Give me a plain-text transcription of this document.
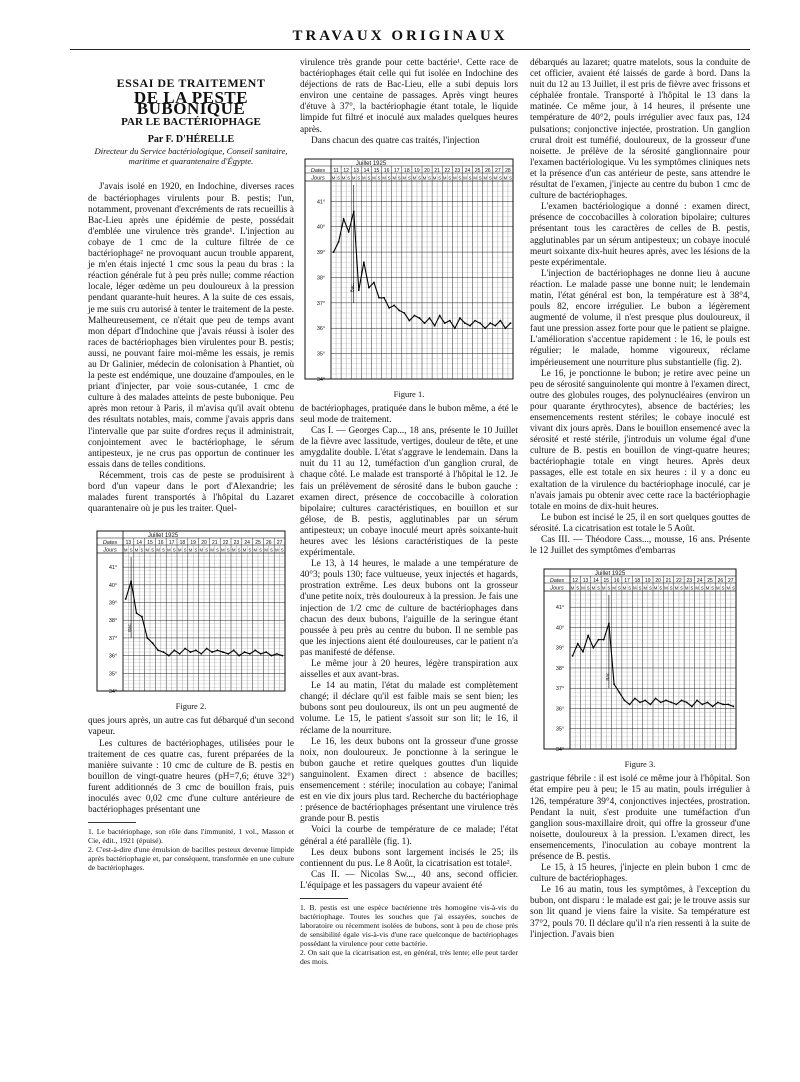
TRAVAUX ORIGINAUX
ESSAI DE TRAITEMENT
DE LA PESTE BUBONIQUE
PAR LE BACTÉRIOPHAGE
Par F. D'HÉRELLE
Directeur du Service bactériologique, Conseil sanitaire, maritime et quarantenaire d'Égypte.

J'avais isolé en 1920, en Indochine, diverses races de bactériophages virulents pour B. pestis; l'un, notamment, provenant d'excréments de rats recueillis à Bac-Lieu après une épidémie de peste, possédait d'emblée une virulence très grande¹. L'injection au cobaye de 1 cmc de la culture filtrée de ce bactériophage² ne provoquant aucun trouble apparent, je m'en étais injecté 1 cmc sous la peau du bras : la réaction générale fut à peu près nulle; comme réaction locale, léger œdème un peu douloureux à la pression pendant quarante-huit heures. A la suite de ces essais, je me suis cru autorisé à tenter le traitement de la peste. Malheureusement, ce n'était que peu de temps avant mon départ d'Indochine que j'avais réussi à isoler des races de bactériophages bien virulentes pour B. pestis; aussi, ne pouvant faire moi-même les essais, je remis au Dr Galinier, médecin de colonisation à Phantiet, où la peste est endémique, une douzaine d'ampoules, en le priant d'injecter, par voie sous-cutanée, 1 cmc de culture à des malades atteints de peste bubonique. Peu après mon retour à Paris, il m'avisa qu'il avait obtenu des résultats notables, mais, comme j'avais appris dans l'intervalle que par suite d'ordres reçus il administrait, conjointement avec le bactériophage, le sérum antipesteux, je ne crus pas opportun de continuer les essais dans de telles conditions.

Récemment, trois cas de peste se produisirent à bord d'un vapeur dans le port d'Alexandrie; les malades furent transportés à l'hôpital du Lazaret quarantenaire où je pus les traiter. Quel-

Dates
Jours
Juillet 1925
13
M S
14
M S
15
M S
16
M S
17
M S
18
M S
19
M S
20
M S
21
M S
22
M S
23
M S
24
M S
25
M S
26
M S
27
M S
41°
40°
39°
38°
37°
36°
35°
34°
Bac.
Figure 2.

ques jours après, un autre cas fut débarqué d'un second vapeur.

Les cultures de bactériophages, utilisées pour le traitement de ces quatre cas, furent préparées de la manière suivante : 10 cmc de culture de B. pestis en bouillon de vingt-quatre heures (pH=7,6; étuve 32°) furent additionnés de 3 cmc de bouillon frais, puis inoculés avec 0,02 cmc d'une culture antérieure de bactériophages présentant une

1. Le bactériophage, son rôle dans l'immunité, 1 vol., Masson et Cie, édit., 1921 (épuisé).
2. C'est-à-dire d'une émulsion de bacilles pesteux devenue limpide après bactériophagie et, par conséquent, transformée en une culture de bactériophages.

virulence très grande pour cette bactérie¹. Cette race de bactériophages était celle qui fut isolée en Indochine des déjections de rats de Bac-Lieu, elle a subi depuis lors environ une centaine de passages. Après vingt heures d'étuve à 37°, la bactériophagie étant totale, le liquide limpide fut filtré et inoculé aux malades quelques heures après.

Dans chacun des quatre cas traités, l'injection

Dates
Jours
Juillet 1925
11
M S
12
M S
13
M S
14
M S
15
M S
16
M S
17
M S
18
M S
19
M S
20
M S
21
M S
22
M S
23
M S
24
M S
25
M S
26
M S
27
M S
28
M S
41°
40°
39°
38°
37°
36°
35°
34°
Bac.
Figure 1.

de bactériophages, pratiquée dans le bubon même, a été le seul mode de traitement.

Cas I. — Georges Cap..., 18 ans, présente le 10 Juillet de la fièvre avec lassitude, vertiges, douleur de tête, et une amygdalite double. L'état s'aggrave le lendemain. Dans la nuit du 11 au 12, tuméfaction d'un ganglion crural, de chaque côté. Le malade est transporté à l'hôpital le 12. Je fais un prélèvement de sérosité dans le bubon gauche : examen direct, présence de coccobacille à coloration bipolaire; cultures caractéristiques, en bouillon et sur gélose, de B. pestis, agglutinables par un sérum antipesteux; un cobaye inoculé meurt après soixante-huit heures avec les lésions caractéristiques de la peste expérimentale.

Le 13, à 14 heures, le malade a une température de 40°3; pouls 130; face vultueuse, yeux injectés et hagards, prostration extrême. Les deux bubons ont la grosseur d'une petite noix, très douloureux à la pression. Je fais une injection de 1/2 cmc de culture de bactériophages dans chacun des deux bubons, l'aiguille de la seringue étant poussée à peu près au centre du bubon. Il ne semble pas que les injections aient été douloureuses, car le patient n'a pas manifesté de défense.

Le même jour à 20 heures, légère transpiration aux aisselles et aux avant-bras.

Le 14 au matin, l'état du malade est complètement changé; il déclare qu'il est faible mais se sent bien; les bubons sont peu douloureux, ils ont un peu augmenté de volume. Le 15, le patient s'assoit sur son lit; le 16, il réclame de la nourriture.

Le 16, les deux bubons ont la grosseur d'une grosse noix, non douloureux. Je ponctionne à la seringue le bubon gauche et retire quelques gouttes d'un liquide sanguinolent. Examen direct : absence de bacilles; ensemencement : stérile; inoculation au cobaye; l'animal est en vie dix jours plus tard. Recherche du bactériophage : présence de bactériophages présentant une virulence très grande pour B. pestis

Voici la courbe de température de ce malade; l'état général a été parallèle (fig. 1).

Les deux bubons sont largement incisés le 25; ils contiennent du pus. Le 8 Août, la cicatrisation est totale².

Cas II. — Nicolas Sw..., 40 ans, second officier. L'équipage et les passagers du vapeur avaient été

1. B. pestis est une espèce bactérienne très homogène vis-à-vis du bactériophage. Toutes les souches que j'ai essayées, souches de laboratoire ou récemment isolées de bubons, sont à peu de chose près de sensibilité égale vis-à-vis d'une race quelconque de bactériophages possédant la virulence pour cette bactérie.
2. On sait que la cicatrisation est, en général, très lente; elle peut tarder des mois.

débarqués au lazaret; quatre matelots, sous la conduite de cet officier, avaient été laissés de garde à bord. Dans la nuit du 12 au 13 Juillet, il est pris de fièvre avec frissons et céphalée frontale. Transporté à l'hôpital le 13 dans la matinée. Ce même jour, à 14 heures, il présente une température de 40°2, pouls irrégulier avec faux pas, 124 pulsations; conjonctive injectée, prostration. Un ganglion crural droit est tuméfié, douloureux, de la grosseur d'une noisette. Je prélève de la sérosité ganglionnaire pour l'examen bactériologique. Vu les symptômes cliniques nets et la présence d'un cas antérieur de peste, sans attendre le résultat de l'examen, j'injecte au centre du bubon 1 cmc de culture de bactériophages.

L'examen bactériologique a donné : examen direct, présence de coccobacilles à coloration bipolaire; cultures présentant tous les caractères de celles de B. pestis, agglutinables par un sérum antipesteux; un cobaye inoculé meurt soixante dix-huit heures après, avec les lésions de la peste expérimentale.

L'injection de bactériophages ne donne lieu à aucune réaction. Le malade passe une bonne nuit; le lendemain matin, l'état général est bon, la température est à 38°4, pouls 82, encore irrégulier. Le bubon a légèrement augmenté de volume, il n'est presque plus douloureux, il faut une pression assez forte pour que le patient se plaigne. L'amélioration s'accentue rapidement : le 16, le pouls est régulier; le malade, homme vigoureux, réclame impérieusement une nourriture plus substantielle (fig. 2).

Le 16, je ponctionne le bubon; je retire avec peine un peu de sérosité sanguinolente qui montre à l'examen direct, outre des globules rouges, des polynucléaires (environ un pour quarante érythrocytes), absence de bactéries; les ensemencements restent stériles; le cobaye inoculé est vivant dix jours après. Dans le bouillon ensemencé avec la sérosité et resté stérile, j'introduis un volume égal d'une culture de B. pestis en bouillon de vingt-quatre heures; bactériophagie totale en vingt heures. Après deux passages, elle est totale en six heures : il y a donc eu exaltation de la virulence du bactériophage inoculé, car je n'avais jamais pu obtenir avec cette race la bactériophagie totale en moins de dix-huit heures.

Le bubon est incisé le 25, il en sort quelques gouttes de sérosité. La cicatrisation est totale le 5 Août.

Cas III. — Théodore Cass..., mousse, 16 ans. Présente le 12 Juillet des symptômes d'embarras

Dates
Jours
Juillet 1925
12
M S
13
M S
14
M S
15
M S
16
M S
17
M S
18
M S
19
M S
20
M S
21
M S
22
M S
23
M S
24
M S
25
M S
26
M S
27
M S
41°
40°
39°
38°
37°
36°
35°
34°
Bac.
Figure 3.

gastrique fébrile : il est isolé ce même jour à l'hôpital. Son état empire peu à peu; le 15 au matin, pouls irrégulier à 126, température 39°4, conjonctives injectées, prostration. Pendant la nuit, s'est produite une tuméfaction d'un ganglion sous-maxillaire droit, qui offre la grosseur d'une noisette, douloureux à la pression. L'examen direct, les ensemencements, l'inoculation au cobaye montrent la présence de B. pestis.

Le 15, à 15 heures, j'injecte en plein bubon 1 cmc de culture de bactériophages.

Le 16 au matin, tous les symptômes, à l'exception du bubon, ont disparu : le malade est gai; je le trouve assis sur son lit quand je viens faire la visite. Sa température est 37°2, pouls 70. Il déclare qu'il n'a rien ressenti à la suite de l'injection. J'avais bien
